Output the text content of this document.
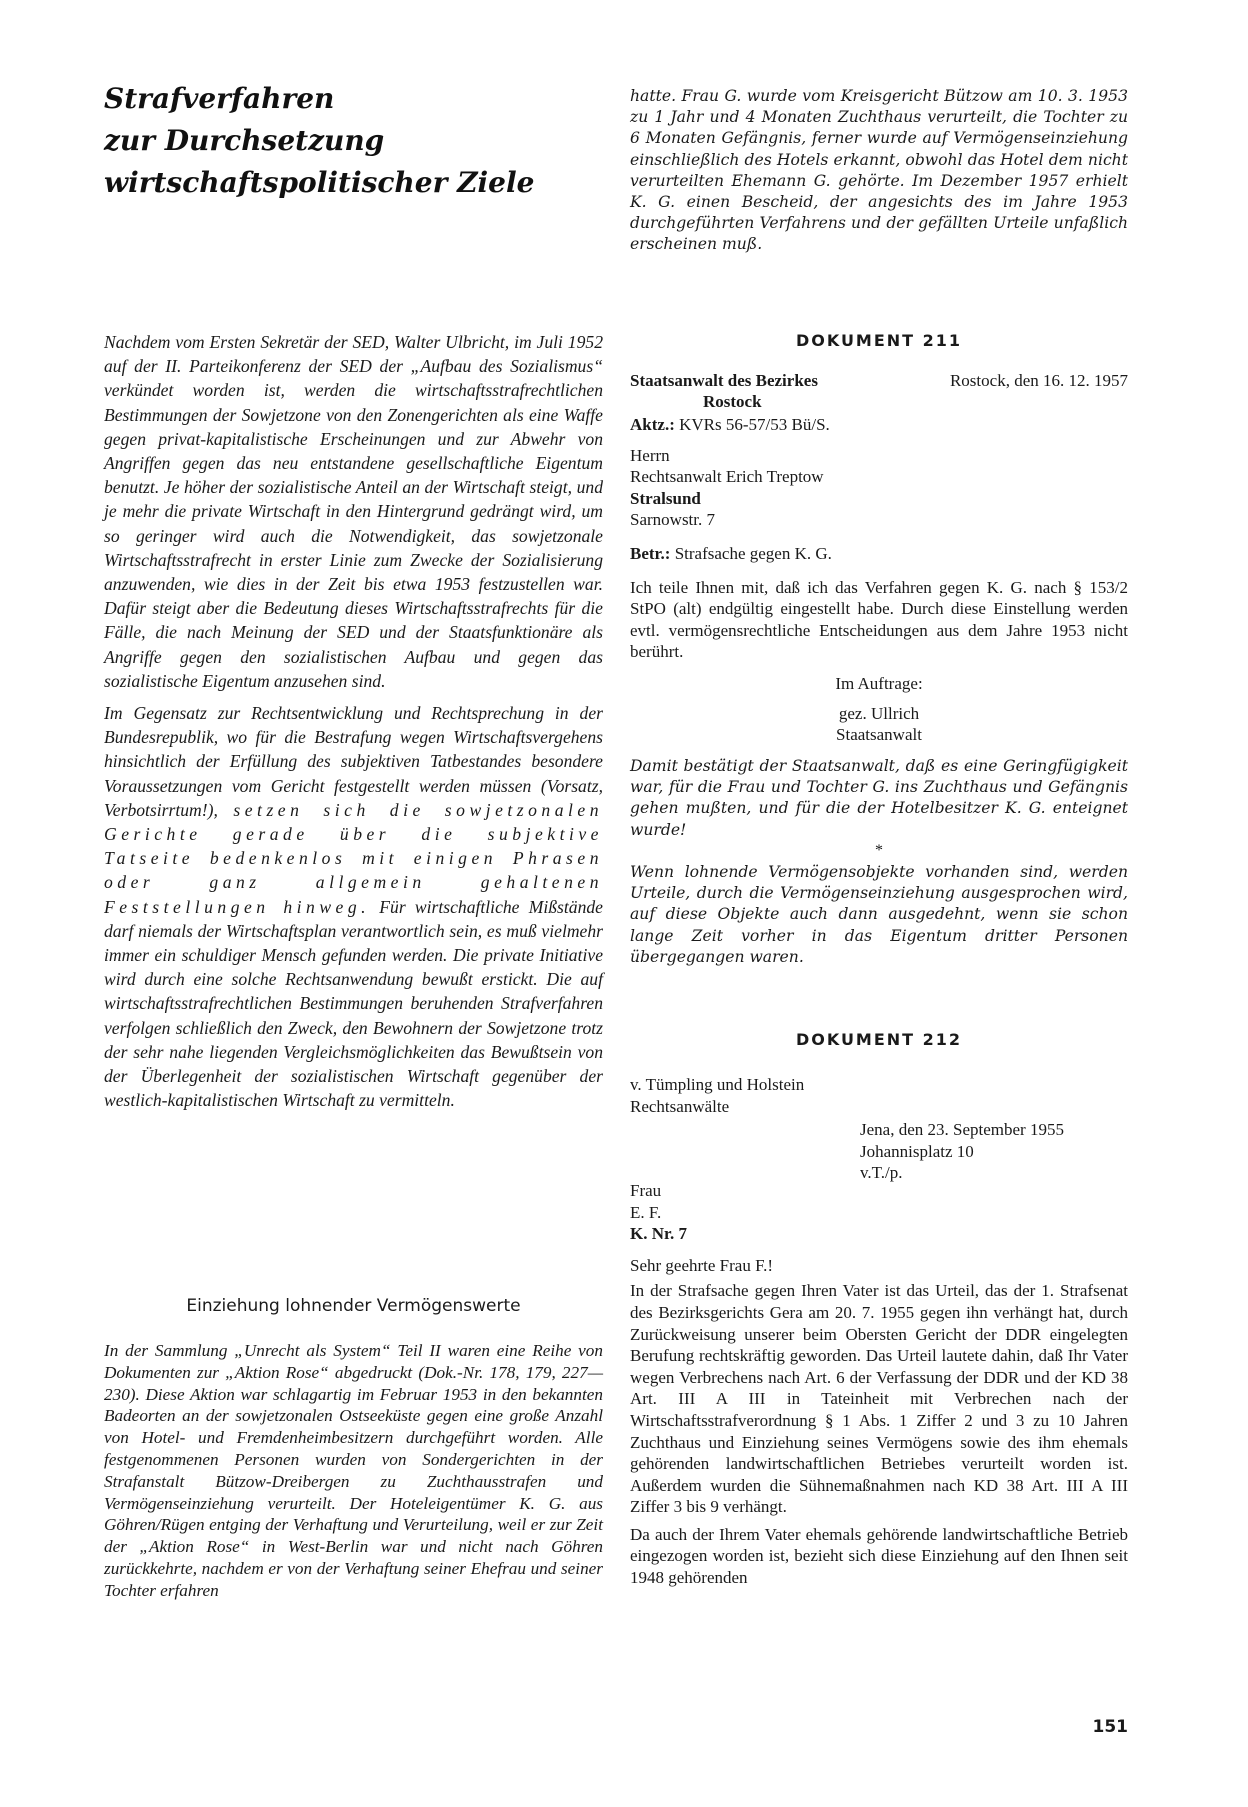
Strafverfahren
zur Durchsetzung
wirtschaftspolitischer Ziele

hatte. Frau G. wurde vom Kreisgericht Bützow am 10. 3. 1953 zu 1 Jahr und 4 Monaten Zuchthaus verurteilt, die Tochter zu 6 Monaten Gefängnis, ferner wurde auf Vermögenseinziehung einschließlich des Hotels erkannt, obwohl das Hotel dem nicht verurteilten Ehemann G. gehörte. Im Dezember 1957 erhielt K. G. einen Bescheid, der angesichts des im Jahre 1953 durchgeführten Verfahrens und der gefällten Urteile unfaßlich erscheinen muß.

Nachdem vom Ersten Sekretär der SED, Walter Ulbricht, im Juli 1952 auf der II. Parteikonferenz der SED der „Aufbau des Sozialismus“ verkündet worden ist, werden die wirtschaftsstrafrechtlichen Bestimmungen der Sowjetzone von den Zonengerichten als eine Waffe gegen privat-kapitalistische Erscheinungen und zur Abwehr von Angriffen gegen das neu entstandene gesellschaftliche Eigentum benutzt. Je höher der sozialistische Anteil an der Wirtschaft steigt, und je mehr die private Wirtschaft in den Hintergrund gedrängt wird, um so geringer wird auch die Notwendigkeit, das sowjetzonale Wirtschaftsstrafrecht in erster Linie zum Zwecke der Sozialisierung anzuwenden, wie dies in der Zeit bis etwa 1953 festzustellen war. Dafür steigt aber die Bedeutung dieses Wirtschaftsstrafrechts für die Fälle, die nach Meinung der SED und der Staatsfunktionäre als Angriffe gegen den sozialistischen Aufbau und gegen das sozialistische Eigentum anzusehen sind.

Im Gegensatz zur Rechtsentwicklung und Rechtsprechung in der Bundesrepublik, wo für die Bestrafung wegen Wirtschaftsvergehens hinsichtlich der Erfüllung des subjektiven Tatbestandes besondere Voraussetzungen vom Gericht festgestellt werden müssen (Vorsatz, Verbotsirrtum!), setzen sich die sowjetzonalen Gerichte gerade über die subjektive Tatseite bedenkenlos mit einigen Phrasen oder ganz allgemein gehaltenen Feststellungen hinweg. Für wirtschaftliche Mißstände darf niemals der Wirtschaftsplan verantwortlich sein, es muß vielmehr immer ein schuldiger Mensch gefunden werden. Die private Initiative wird durch eine solche Rechtsanwendung bewußt erstickt. Die auf wirtschaftsstrafrechtlichen Bestimmungen beruhenden Strafverfahren verfolgen schließlich den Zweck, den Bewohnern der Sowjetzone trotz der sehr nahe liegenden Vergleichsmöglichkeiten das Bewußtsein von der Überlegenheit der sozialistischen Wirtschaft gegenüber der westlich-kapitalistischen Wirtschaft zu vermitteln.

Einziehung lohnender Vermögenswerte

In der Sammlung „Unrecht als System“ Teil II waren eine Reihe von Dokumenten zur „Aktion Rose“ abgedruckt (Dok.-Nr. 178, 179, 227—230). Diese Aktion war schlagartig im Februar 1953 in den bekannten Badeorten an der sowjetzonalen Ostseeküste gegen eine große Anzahl von Hotel- und Fremdenheimbesitzern durchgeführt worden. Alle festgenommenen Personen wurden von Sondergerichten in der Strafanstalt Bützow-Dreibergen zu Zuchthausstrafen und Vermögenseinziehung verurteilt. Der Hoteleigentümer K. G. aus Göhren/Rügen entging der Verhaftung und Verurteilung, weil er zur Zeit der „Aktion Rose“ in West-Berlin war und nicht nach Göhren zurückkehrte, nachdem er von der Verhaftung seiner Ehefrau und seiner Tochter erfahren

DOKUMENT 211
Staatsanwalt des Bezirkes
Rostock
Rostock, den 16. 12. 1957
Aktz.: KVRs 56-57/53 Bü/S.
Herrn
Rechtsanwalt Erich Treptow
Stralsund
Sarnowstr. 7
Betr.: Strafsache gegen K. G.

Ich teile Ihnen mit, daß ich das Verfahren gegen K. G. nach § 153/2 StPO (alt) endgültig eingestellt habe. Durch diese Einstellung werden evtl. vermögensrechtliche Entscheidungen aus dem Jahre 1953 nicht berührt.

Im Auftrage:
gez. Ullrich
Staatsanwalt

Damit bestätigt der Staatsanwalt, daß es eine Geringfügigkeit war, für die Frau und Tochter G. ins Zuchthaus und Gefängnis gehen mußten, und für die der Hotelbesitzer K. G. enteignet wurde!

*

Wenn lohnende Vermögensobjekte vorhanden sind, werden Urteile, durch die Vermögenseinziehung ausgesprochen wird, auf diese Objekte auch dann ausgedehnt, wenn sie schon lange Zeit vorher in das Eigentum dritter Personen übergegangen waren.

DOKUMENT 212
v. Tümpling und Holstein
Rechtsanwälte
Jena, den 23. September 1955
Johannisplatz 10
v.T./p.
Frau
E. F.
K. Nr. 7
Sehr geehrte Frau F.!

In der Strafsache gegen Ihren Vater ist das Urteil, das der 1. Strafsenat des Bezirksgerichts Gera am 20. 7. 1955 gegen ihn verhängt hat, durch Zurückweisung unserer beim Obersten Gericht der DDR eingelegten Berufung rechtskräftig geworden. Das Urteil lautete dahin, daß Ihr Vater wegen Verbrechens nach Art. 6 der Verfassung der DDR und der KD 38 Art. III A III in Tateinheit mit Verbrechen nach der Wirtschaftsstrafverordnung § 1 Abs. 1 Ziffer 2 und 3 zu 10 Jahren Zuchthaus und Einziehung seines Vermögens sowie des ihm ehemals gehörenden landwirtschaftlichen Betriebes verurteilt worden ist. Außerdem wurden die Sühnemaßnahmen nach KD 38 Art. III A III Ziffer 3 bis 9 verhängt.

Da auch der Ihrem Vater ehemals gehörende landwirtschaftliche Betrieb eingezogen worden ist, bezieht sich diese Einziehung auf den Ihnen seit 1948 gehörenden

151
